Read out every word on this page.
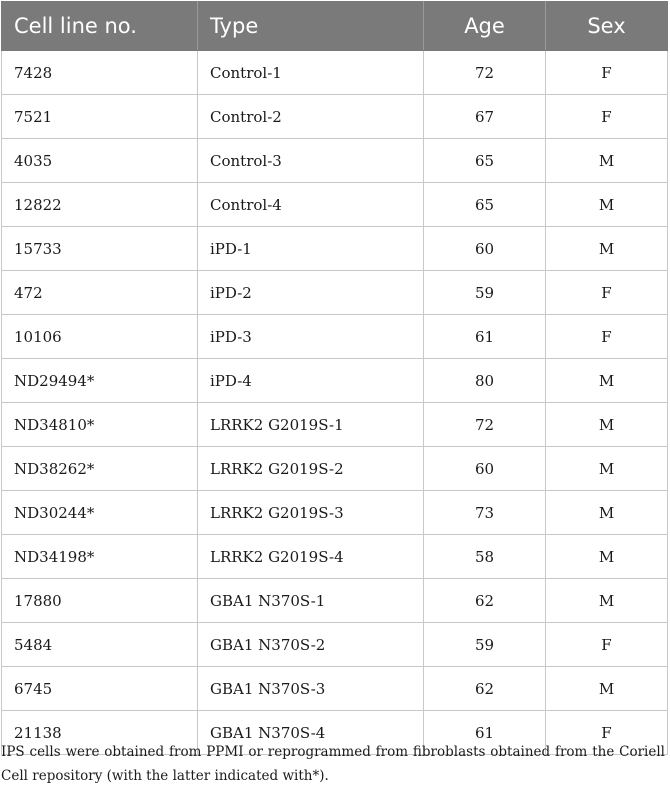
Cell line no.	Type	Age	Sex
7428	Control-1	72	F
7521	Control-2	67	F
4035	Control-3	65	M
12822	Control-4	65	M
15733	iPD-1	60	M
472	iPD-2	59	F
10106	iPD-3	61	F
ND29494*	iPD-4	80	M
ND34810*	LRRK2 G2019S-1	72	M
ND38262*	LRRK2 G2019S-2	60	M
ND30244*	LRRK2 G2019S-3	73	M
ND34198*	LRRK2 G2019S-4	58	M
17880	GBA1 N370S-1	62	M
5484	GBA1 N370S-2	59	F
6745	GBA1 N370S-3	62	M
21138	GBA1 N370S-4	61	F
IPS cells were obtained from PPMI or reprogrammed from fibroblasts obtained from the Coriell Cell repository (with the latter indicated with*).
